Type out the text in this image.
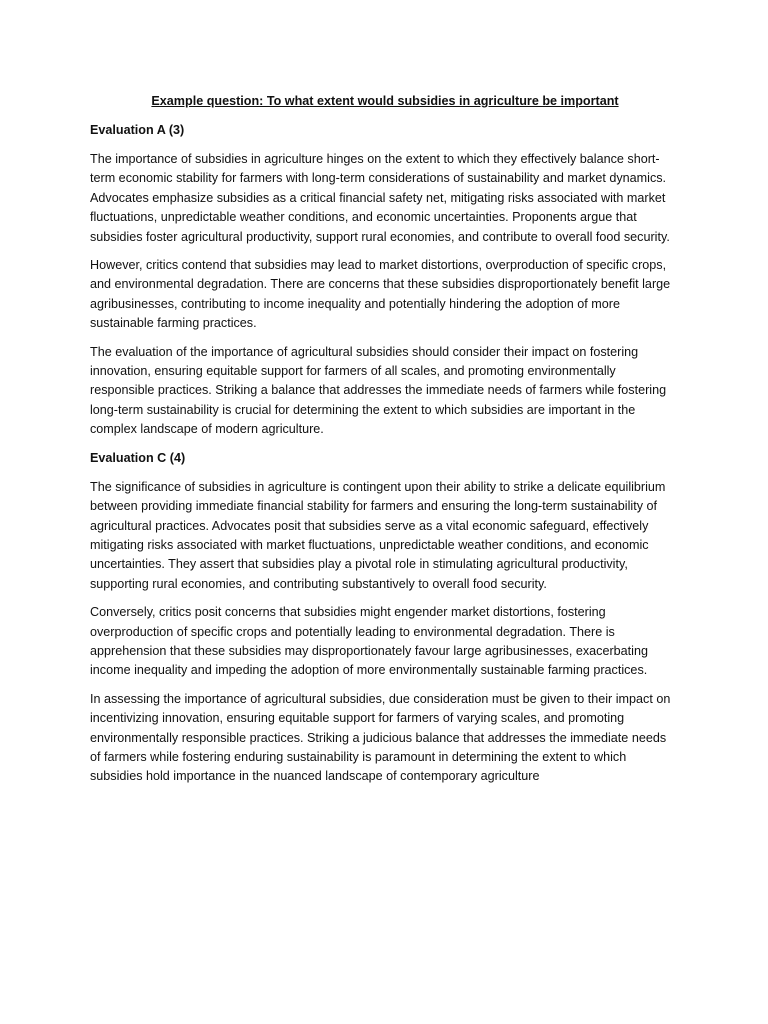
Example question: To what extent would subsidies in agriculture be important
Evaluation A (3)

The importance of subsidies in agriculture hinges on the extent to which they effectively balance short-term economic stability for farmers with long-term considerations of sustainability and market dynamics. Advocates emphasize subsidies as a critical financial safety net, mitigating risks associated with market fluctuations, unpredictable weather conditions, and economic uncertainties. Proponents argue that subsidies foster agricultural productivity, support rural economies, and contribute to overall food security.

However, critics contend that subsidies may lead to market distortions, overproduction of specific crops, and environmental degradation. There are concerns that these subsidies disproportionately benefit large agribusinesses, contributing to income inequality and potentially hindering the adoption of more sustainable farming practices.

The evaluation of the importance of agricultural subsidies should consider their impact on fostering innovation, ensuring equitable support for farmers of all scales, and promoting environmentally responsible practices. Striking a balance that addresses the immediate needs of farmers while fostering long-term sustainability is crucial for determining the extent to which subsidies are important in the complex landscape of modern agriculture.

Evaluation C (4)

The significance of subsidies in agriculture is contingent upon their ability to strike a delicate equilibrium between providing immediate financial stability for farmers and ensuring the long-term sustainability of agricultural practices. Advocates posit that subsidies serve as a vital economic safeguard, effectively mitigating risks associated with market fluctuations, unpredictable weather conditions, and economic uncertainties. They assert that subsidies play a pivotal role in stimulating agricultural productivity, supporting rural economies, and contributing substantively to overall food security.

Conversely, critics posit concerns that subsidies might engender market distortions, fostering overproduction of specific crops and potentially leading to environmental degradation. There is apprehension that these subsidies may disproportionately favour large agribusinesses, exacerbating income inequality and impeding the adoption of more environmentally sustainable farming practices.

In assessing the importance of agricultural subsidies, due consideration must be given to their impact on incentivizing innovation, ensuring equitable support for farmers of varying scales, and promoting environmentally responsible practices. Striking a judicious balance that addresses the immediate needs of farmers while fostering enduring sustainability is paramount in determining the extent to which subsidies hold importance in the nuanced landscape of contemporary agriculture
